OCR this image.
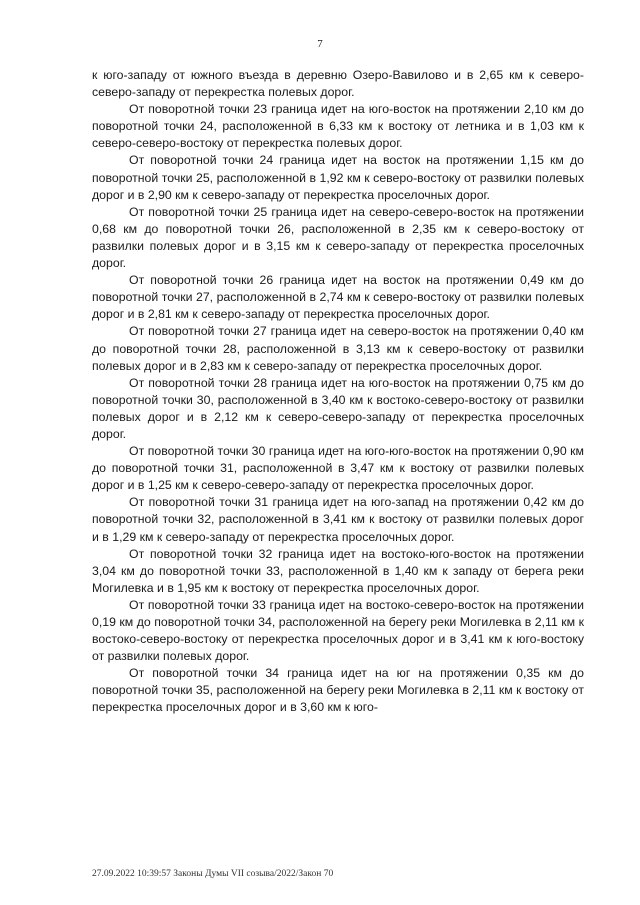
7

к юго-западу от южного въезда в деревню Озеро-Вавилово и в 2,65 км к северо-северо-западу от перекрестка полевых дорог.

От поворотной точки 23 граница идет на юго-восток на протяжении 2,10 км до поворотной точки 24, расположенной в 6,33 км к востоку от летника и в 1,03 км к северо-северо-востоку от перекрестка полевых дорог.

От поворотной точки 24 граница идет на восток на протяжении 1,15 км до поворотной точки 25, расположенной в 1,92 км к северо-востоку от развилки полевых дорог и в 2,90 км к северо-западу от перекрестка проселочных дорог.

От поворотной точки 25 граница идет на северо-северо-восток на протяжении 0,68 км до поворотной точки 26, расположенной в 2,35 км к северо-востоку от развилки полевых дорог и в 3,15 км к северо-западу от перекрестка проселочных дорог.

От поворотной точки 26 граница идет на восток на протяжении 0,49 км до поворотной точки 27, расположенной в 2,74 км к северо-востоку от развилки полевых дорог и в 2,81 км к северо-западу от перекрестка проселочных дорог.

От поворотной точки 27 граница идет на северо-восток на протяжении 0,40 км до поворотной точки 28, расположенной в 3,13 км к северо-востоку от развилки полевых дорог и в 2,83 км к северо-западу от перекрестка проселочных дорог.

От поворотной точки 28 граница идет на юго-восток на протяжении 0,75 км до поворотной точки 30, расположенной в 3,40 км к востоко-северо-востоку от развилки полевых дорог и в 2,12 км к северо-северо-западу от перекрестка проселочных дорог.

От поворотной точки 30 граница идет на юго-юго-восток на протяжении 0,90 км до поворотной точки 31, расположенной в 3,47 км к востоку от развилки полевых дорог и в 1,25 км к северо-северо-западу от перекрестка проселочных дорог.

От поворотной точки 31 граница идет на юго-запад на протяжении 0,42 км до поворотной точки 32, расположенной в 3,41 км к востоку от развилки полевых дорог и в 1,29 км к северо-западу от перекрестка проселочных дорог.

От поворотной точки 32 граница идет на востоко-юго-восток на протяжении 3,04 км до поворотной точки 33, расположенной в 1,40 км к западу от берега реки Могилевка и в 1,95 км к востоку от перекрестка проселочных дорог.

От поворотной точки 33 граница идет на востоко-северо-восток на протяжении 0,19 км до поворотной точки 34, расположенной на берегу реки Могилевка в 2,11 км к востоко-северо-востоку от перекрестка проселочных дорог и в 3,41 км к юго-востоку от развилки полевых дорог.

От поворотной точки 34 граница идет на юг на протяжении 0,35 км до поворотной точки 35, расположенной на берегу реки Могилевка в 2,11 км к востоку от перекрестка проселочных дорог и в 3,60 км к юго-

27.09.2022 10:39:57 Законы Думы VII созыва/2022/Закон 70
